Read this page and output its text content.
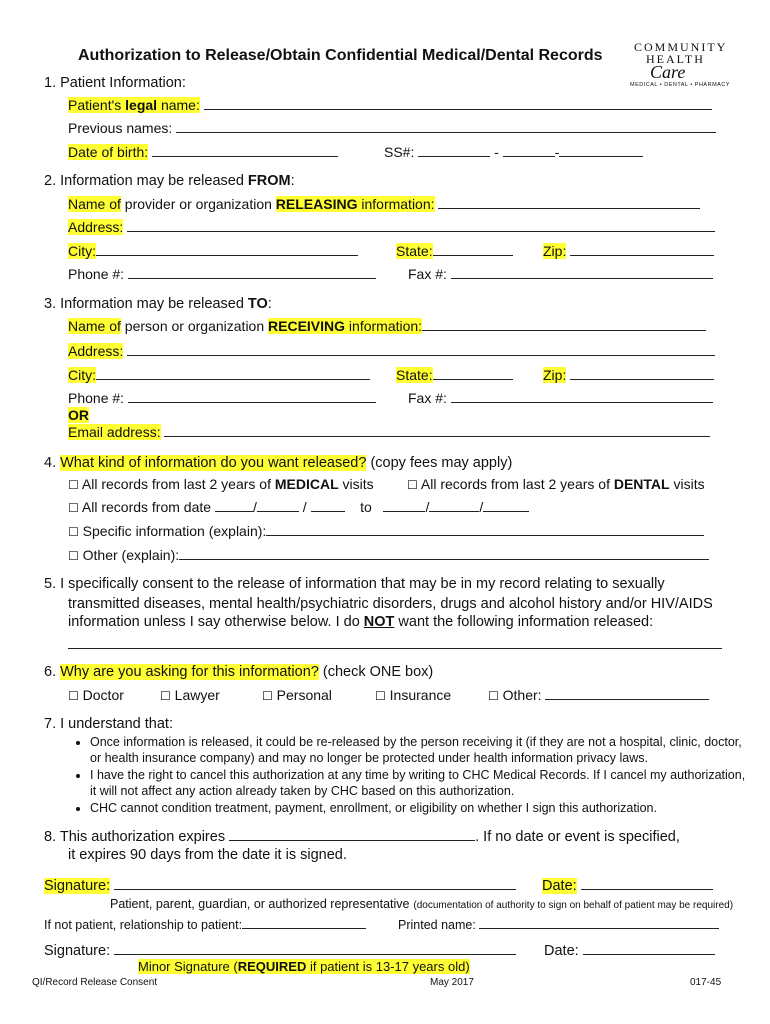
Authorization to Release/Obtain Confidential Medical/Dental Records	COMMUNITY
HEALTH
Care
MEDICAL • DENTAL • PHARMACY
1. Patient Information:
Patient's legal name:
Previous names:
Date of birth:	SS#:	-	-
2. Information may be released FROM:
Name of provider or organization RELEASING information:
Address:
City:	State:	Zip:
Phone #:	Fax #:
3. Information may be released TO:
Name of person or organization RECEIVING information:
Address:
City:	State:	Zip:
Phone #:	Fax #:
OR
Email address:
4. What kind of information do you want released? (copy fees may apply)
☐ All records from last 2 years of MEDICAL visits	☐ All records from last 2 years of DENTAL visits
☐ All records from date	/	/	to	/	/
☐ Specific information (explain):
☐ Other (explain):
5. I specifically consent to the release of information that may be in my record relating to sexually
transmitted diseases, mental health/psychiatric disorders, drugs and alcohol history and/or HIV/AIDS
information unless I say otherwise below. I do NOT want the following information released:
6. Why are you asking for this information? (check ONE box)
☐ Doctor	☐ Lawyer	☐ Personal	☐ Insurance	☐ Other:
7. I understand that:
• Once information is released, it could be re-released by the person receiving it (if they are not a hospital, clinic, doctor, or health insurance company) and may no longer be protected under health information privacy laws.
• I have the right to cancel this authorization at any time by writing to CHC Medical Records. If I cancel my authorization, it will not affect any action already taken by CHC based on this authorization.
• CHC cannot condition treatment, payment, enrollment, or eligibility on whether I sign this authorization.
8. This authorization expires	. If no date or event is specified,
it expires 90 days from the date it is signed.
Signature:	Date:
Patient, parent, guardian, or authorized representative (documentation of authority to sign on behalf of patient may be required)
If not patient, relationship to patient:	Printed name:
Signature:	Date:
Minor Signature (REQUIRED if patient is 13-17 years old)
QI/Record Release Consent	May 2017	017-45
